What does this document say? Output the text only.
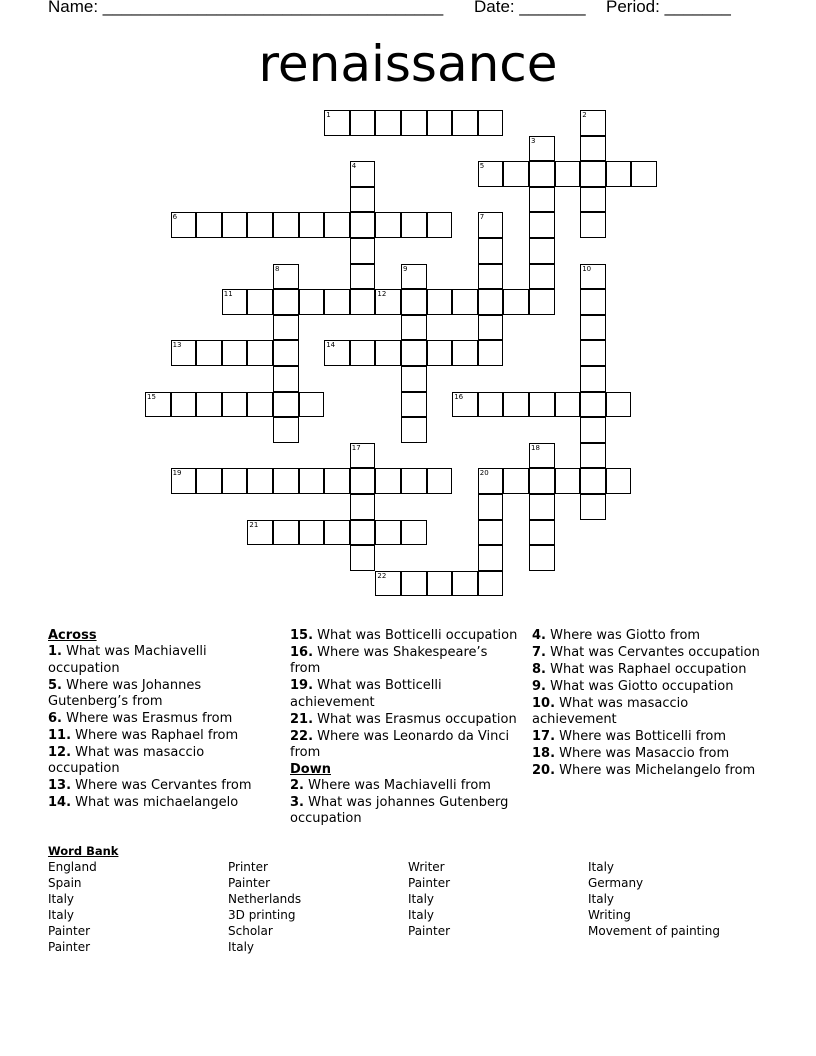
Name: ____________________________________

Date: _______

Period: _______

renaissance
1	2
3
4	5
6	7
8	9	10
11	12
13	14
15	16
17	18
19	20
21
22
Across
1. What was Machiavelli occupation
5. Where was Johannes Gutenberg’s from
6. Where was Erasmus from
11. Where was Raphael from
12. What was masaccio occupation
13. Where was Cervantes from
14. What was michaelangelo
15. What was Botticelli occupation
16. Where was Shakespeare’s from
19. What was Botticelli achievement
21. What was Erasmus occupation
22. Where was Leonardo da Vinci from
Down
2. Where was Machiavelli from
3. What was johannes Gutenberg occupation
4. Where was Giotto from
7. What was Cervantes occupation
8. What was Raphael occupation
9. What was Giotto occupation
10. What was masaccio achievement
17. Where was Botticelli from
18. Where was Masaccio from
20. Where was Michelangelo from
Word Bank
England
Spain
Italy
Italy
Painter
Painter
Printer
Painter
Netherlands
3D printing
Scholar
Italy
Writer
Painter
Italy
Italy
Painter
Italy
Germany
Italy
Writing
Movement of painting
